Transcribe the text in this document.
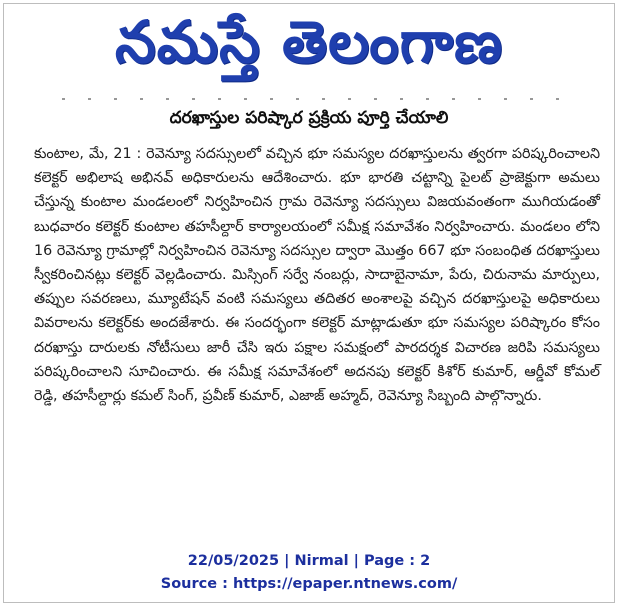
నమస్తే తెలంగాణ
దరఖాస్తుల పరిష్కార ప్రక్రియ పూర్తి చేయాలి
కుంటాల, మే, 21 : రెవెన్యూ సదస్సులలో వచ్చిన భూ సమస్యల దరఖాస్తులను త్వరగా పరిష్కరించాలని కలెక్టర్ అభిలాష అభినవ్ అధికారులను ఆదేశించారు. భూ భారతి చట్టాన్ని పైలట్ ప్రాజెక్టుగా అమలు చేస్తున్న కుంటాల మండలంలో నిర్వహించిన గ్రామ రెవెన్యూ సదస్సులు విజయవంతంగా ముగియడంతో బుధవారం కలెక్టర్ కుంటాల తహసీల్దార్ కార్యాలయంలో సమీక్ష సమావేశం నిర్వహించారు. మండలం లోని 16 రెవెన్యూ గ్రామాల్లో నిర్వహించిన రెవెన్యూ సదస్సుల ద్వారా మొత్తం 667 భూ సంబంధిత దరఖాస్తులు స్వీకరించినట్లు కలెక్టర్ వెల్లడించారు. మిస్సింగ్ సర్వే నంబర్లు, సాదాబైనామా, పేరు, చిరునామ మార్పులు, తప్పుల సవరణలు, మ్యూటేషన్ వంటి సమస్యలు తదితర అంశాలపై వచ్చిన దరఖాస్తులపై అధికారులు వివరాలను కలెక్టర్‌కు అందజేశారు. ఈ సందర్భంగా కలెక్టర్ మాట్లాడుతూ భూ సమస్యల పరిష్కారం కోసం దరఖాస్తు దారులకు నోటీసులు జారీ చేసి ఇరు పక్షాల సమక్షంలో పారదర్శక విచారణ జరిపి సమస్యలు పరిష్కరించాలని సూచించారు. ఈ సమీక్ష సమావేశంలో అదనపు కలెక్టర్ కిశోర్ కుమార్, ఆర్డీవో కోమల్ రెడ్డి, తహసీల్దార్లు కమల్ సింగ్, ప్రవీణ్ కుమార్, ఎజాజ్ అహ్మద్, రెవెన్యూ సిబ్బంది పాల్గొన్నారు.
22/05/2025 | Nirmal | Page : 2
Source : https://epaper.ntnews.com/
